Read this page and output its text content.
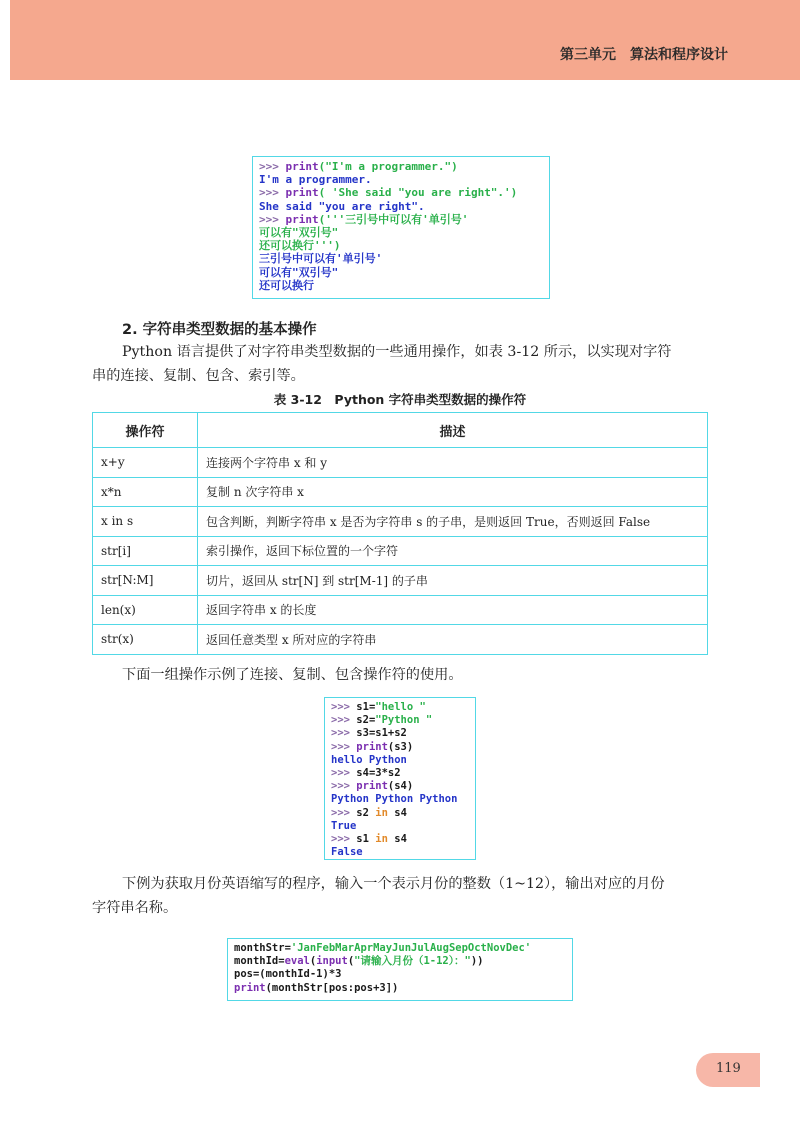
第三单元　算法和程序设计
>>> print("I'm a programmer.")
I'm a programmer.
>>> print( 'She said "you are right".')
She said "you are right".
>>> print('''三引号中可以有'单引号'
可以有"双引号"
还可以换行''')
三引号中可以有'单引号'
可以有"双引号"
还可以换行
2. 字符串类型数据的基本操作
Python 语言提供了对字符串类型数据的一些通用操作，如表 3-12 所示，以实现对字符
串的连接、复制、包含、索引等。
表 3-12　Python 字符串类型数据的操作符
操作符	描述
x+y	连接两个字符串 x 和 y
x*n	复制 n 次字符串 x
x in s	包含判断，判断字符串 x 是否为字符串 s 的子串，是则返回 True，否则返回 False
str[i]	索引操作，返回下标位置的一个字符
str[N:M]	切片，返回从 str[N] 到 str[M-1] 的子串
len(x)	返回字符串 x 的长度
str(x)	返回任意类型 x 所对应的字符串
下面一组操作示例了连接、复制、包含操作符的使用。
>>> s1="hello "
>>> s2="Python "
>>> s3=s1+s2
>>> print(s3)
hello Python
>>> s4=3*s2
>>> print(s4)
Python Python Python
>>> s2 in s4
True
>>> s1 in s4
False
下例为获取月份英语缩写的程序，输入一个表示月份的整数（1~12），输出对应的月份
字符串名称。
monthStr='JanFebMarAprMayJunJulAugSepOctNovDec'
monthId=eval(input("请输入月份（1-12）："))
pos=(monthId-1)*3
print(monthStr[pos:pos+3])
119
